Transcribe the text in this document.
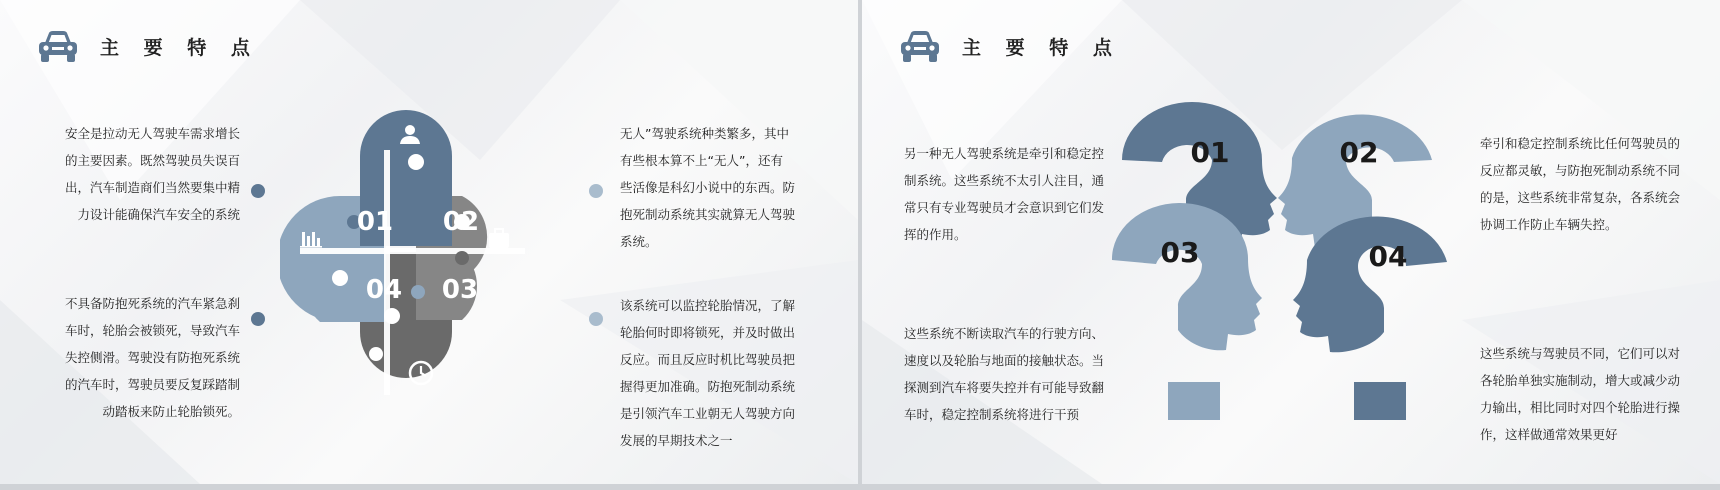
主 要 特 点
安全是拉动无人驾驶车需求增长
的主要因素。既然驾驶员失误百
出，汽车制造商们当然要集中精
力设计能确保汽车安全的系统
不具备防抱死系统的汽车紧急刹
车时，轮胎会被锁死，导致汽车
失控侧滑。驾驶没有防抱死系统
的汽车时，驾驶员要反复踩踏制
动踏板来防止轮胎锁死。
01 02
03
04
无人”驾驶系统种类繁多，其中
有些根本算不上“无人”，还有
些活像是科幻小说中的东西。防
抱死制动系统其实就算无人驾驶
系统。
该系统可以监控轮胎情况，了解
轮胎何时即将锁死，并及时做出
反应。而且反应时机比驾驶员把
握得更加准确。防抱死制动系统
是引领汽车工业朝无人驾驶方向
发展的早期技术之一
主 要 特 点
另一种无人驾驶系统是牵引和稳定控
制系统。这些系统不太引人注目，通
常只有专业驾驶员才会意识到它们发
挥的作用。
这些系统不断读取汽车的行驶方向、
速度以及轮胎与地面的接触状态。当
探测到汽车将要失控并有可能导致翻
车时，稳定控制系统将进行干预
01	02
03	04
牵引和稳定控制系统比任何驾驶员的
反应都灵敏，与防抱死制动系统不同
的是，这些系统非常复杂，各系统会
协调工作防止车辆失控。
这些系统与驾驶员不同，它们可以对
各轮胎单独实施制动，增大或减少动
力输出，相比同时对四个轮胎进行操
作，这样做通常效果更好
